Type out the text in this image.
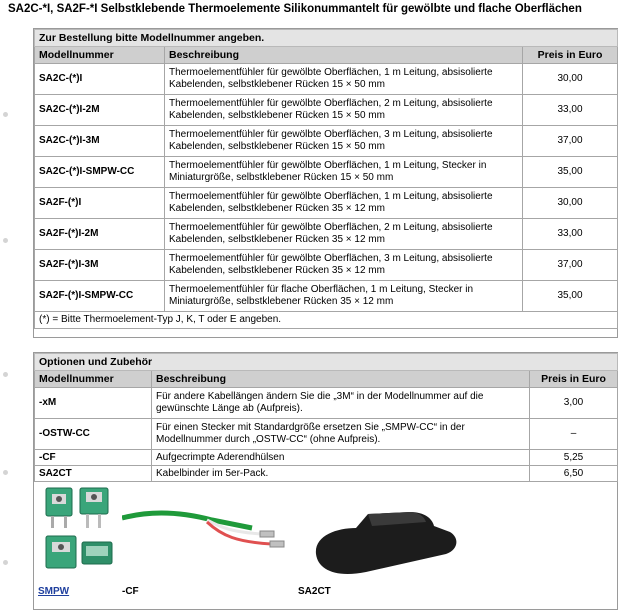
SA2C-*I, SA2F-*I Selbstklebende Thermoelemente Silikonummantelt für gewölbte und flache Oberflächen
Zur Bestellung bitte Modellnummer angeben.		
Modellnummer	Beschreibung	Preis in Euro
SA2C-(*)I	Thermoelementfühler für gewölbte Oberflächen, 1 m Leitung, absisolierte
Kabelenden, selbstklebener Rücken 15 × 50 mm	30,00
SA2C-(*)I-2M	Thermoelementfühler für gewölbte Oberflächen, 2 m Leitung, absisolierte
Kabelenden, selbstklebener Rücken 15 × 50 mm	33,00
SA2C-(*)I-3M	Thermoelementfühler für gewölbte Oberflächen, 3 m Leitung, absisolierte
Kabelenden, selbstklebener Rücken 15 × 50 mm	37,00
SA2C-(*)I-SMPW-CC	Thermoelementfühler für gewölbte Oberflächen, 1 m Leitung, Stecker in
Miniaturgröße, selbstklebener Rücken 15 × 50 mm	35,00
SA2F-(*)I	Thermoelementfühler für gewölbte Oberflächen, 1 m Leitung, absisolierte
Kabelenden, selbstklebener Rücken 35 × 12 mm	30,00
SA2F-(*)I-2M	Thermoelementfühler für gewölbte Oberflächen, 2 m Leitung, absisolierte
Kabelenden, selbstklebener Rücken 35 × 12 mm	33,00
SA2F-(*)I-3M	Thermoelementfühler für gewölbte Oberflächen, 3 m Leitung, absisolierte
Kabelenden, selbstklebener Rücken 35 × 12 mm	37,00
SA2F-(*)I-SMPW-CC	Thermoelementfühler für flache Oberflächen, 1 m Leitung, Stecker in
Miniaturgröße, selbstklebener Rücken 35 × 12 mm	35,00
(*) = Bitte Thermoelement-Typ J, K, T oder E angeben.		
Optionen und Zubehör		
Modellnummer	Beschreibung	Preis in Euro
-xM	Für andere Kabellängen ändern Sie die „3M“ in der Modellnummer auf die
gewünschte Länge ab (Aufpreis).	3,00
-OSTW-CC	Für einen Stecker mit Standardgröße ersetzen Sie „SMPW-CC“ in der
Modellnummer durch „OSTW-CC“ (ohne Aufpreis).	–
-CF	Aufgecrimpte Aderendhülsen	5,25
SA2CT	Kabelbinder im 5er-Pack.	6,50
SMPW	-CF	SA2CT
